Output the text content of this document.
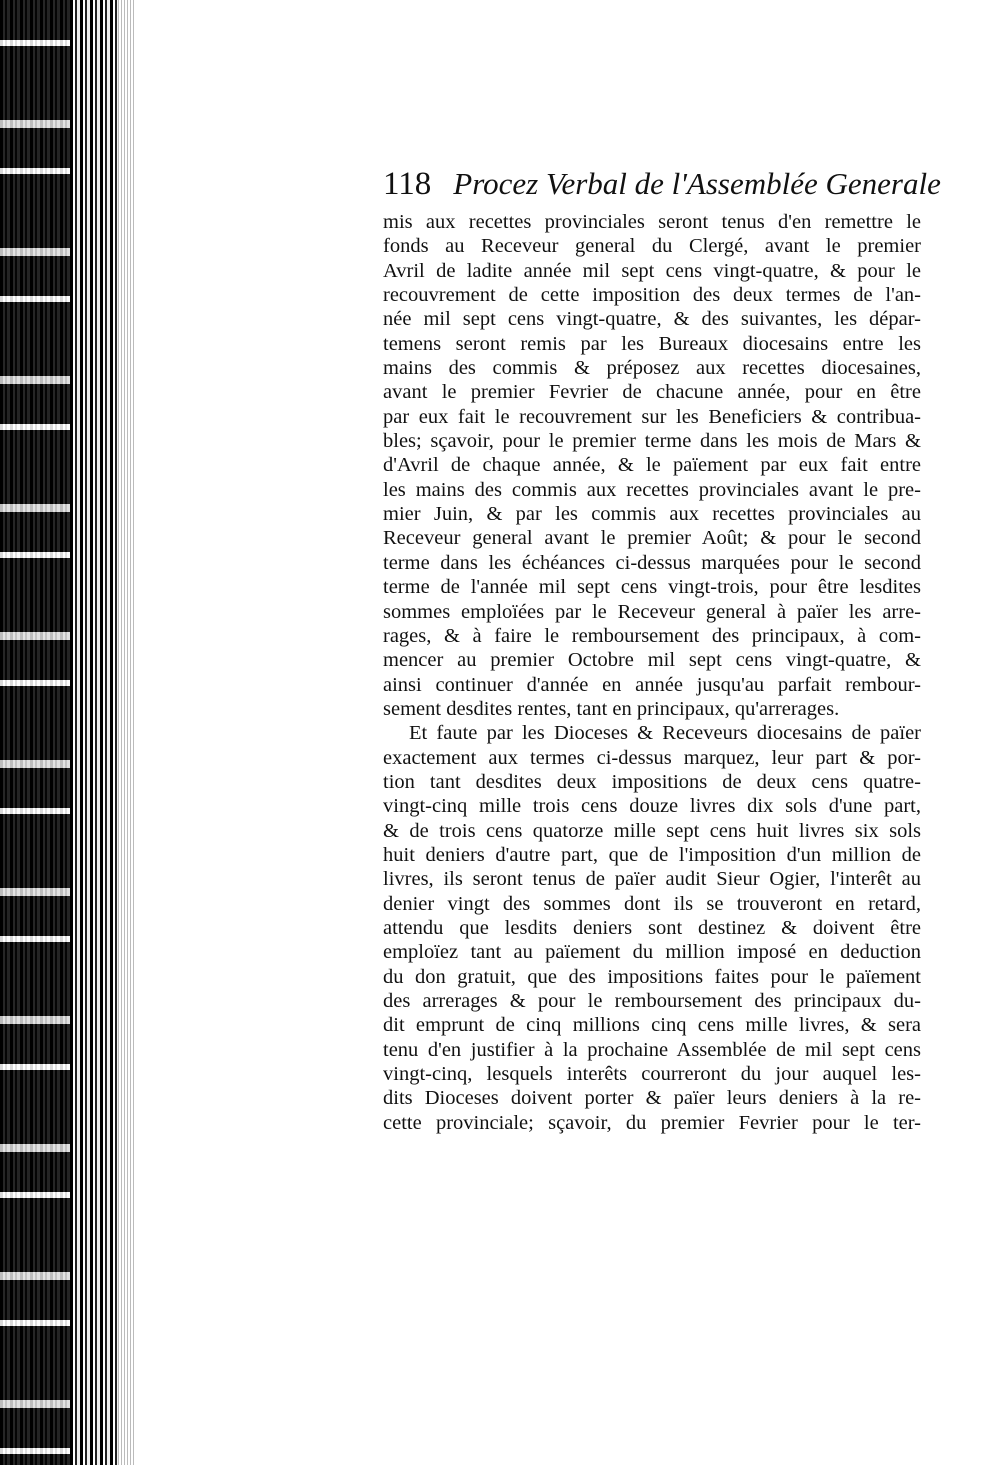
118 Procez Verbal de l'Assemblée Generale
mis aux recettes provinciales seront tenus d'en remettre le
fonds au Receveur general du Clergé, avant le premier
Avril de ladite année mil sept cens vingt-quatre, & pour le
recouvrement de cette imposition des deux termes de l'an-
née mil sept cens vingt-quatre, & des suivantes, les dépar-
temens seront remis par les Bureaux diocesains entre les
mains des commis & préposez aux recettes diocesaines,
avant le premier Fevrier de chacune année, pour en être
par eux fait le recouvrement sur les Beneficiers & contribua-
bles; sçavoir, pour le premier terme dans les mois de Mars &
d'Avril de chaque année, & le païement par eux fait entre
les mains des commis aux recettes provinciales avant le pre-
mier Juin, & par les commis aux recettes provinciales au
Receveur general avant le premier Août; & pour le second
terme dans les échéances ci-dessus marquées pour le second
terme de l'année mil sept cens vingt-trois, pour être lesdites
sommes emploïées par le Receveur general à païer les arre-
rages, & à faire le remboursement des principaux, à com-
mencer au premier Octobre mil sept cens vingt-quatre, &
ainsi continuer d'année en année jusqu'au parfait rembour-
sement desdites rentes, tant en principaux, qu'arrerages.
Et faute par les Dioceses & Receveurs diocesains de païer
exactement aux termes ci-dessus marquez, leur part & por-
tion tant desdites deux impositions de deux cens quatre-
vingt-cinq mille trois cens douze livres dix sols d'une part,
& de trois cens quatorze mille sept cens huit livres six sols
huit deniers d'autre part, que de l'imposition d'un million de
livres, ils seront tenus de païer audit Sieur Ogier, l'interêt au
denier vingt des sommes dont ils se trouveront en retard,
attendu que lesdits deniers sont destinez & doivent être
emploïez tant au païement du million imposé en deduction
du don gratuit, que des impositions faites pour le païement
des arrerages & pour le remboursement des principaux du-
dit emprunt de cinq millions cinq cens mille livres, & sera
tenu d'en justifier à la prochaine Assemblée de mil sept cens
vingt-cinq, lesquels interêts courreront du jour auquel les-
dits Dioceses doivent porter & païer leurs deniers à la re-
cette provinciale; sçavoir, du premier Fevrier pour le ter-
